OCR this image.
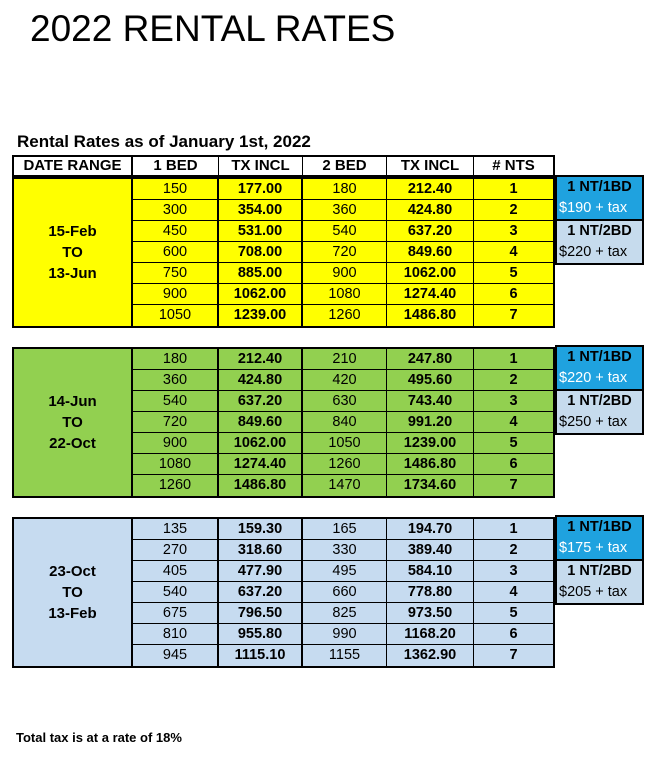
2022 RENTAL RATES
Rental Rates as of January 1st, 2022
DATE RANGE	1 BED	TX INCL	2 BED	TX INCL	# NTS
15-Feb
TO
13-Jun
150	177.00	180	212.40	1
300	354.00	360	424.80	2
450	531.00	540	637.20	3
600	708.00	720	849.60	4
750	885.00	900	1062.00	5
900	1062.00	1080	1274.40	6
1050	1239.00	1260	1486.80	7
14-Jun
TO
22-Oct
180	212.40	210	247.80	1
360	424.80	420	495.60	2
540	637.20	630	743.40	3
720	849.60	840	991.20	4
900	1062.00	1050	1239.00	5
1080	1274.40	1260	1486.80	6
1260	1486.80	1470	1734.60	7
23-Oct
TO
13-Feb
135	159.30	165	194.70	1
270	318.60	330	389.40	2
405	477.90	495	584.10	3
540	637.20	660	778.80	4
675	796.50	825	973.50	5
810	955.80	990	1168.20	6
945	1115.10	1155	1362.90	7
Total tax is at a rate of 18%
1 NT/1BD
$190 + tax
1 NT/2BD
$220 + tax
1 NT/1BD
$220 + tax
1 NT/2BD
$250 + tax
1 NT/1BD
$175 + tax
1 NT/2BD
$205 + tax
